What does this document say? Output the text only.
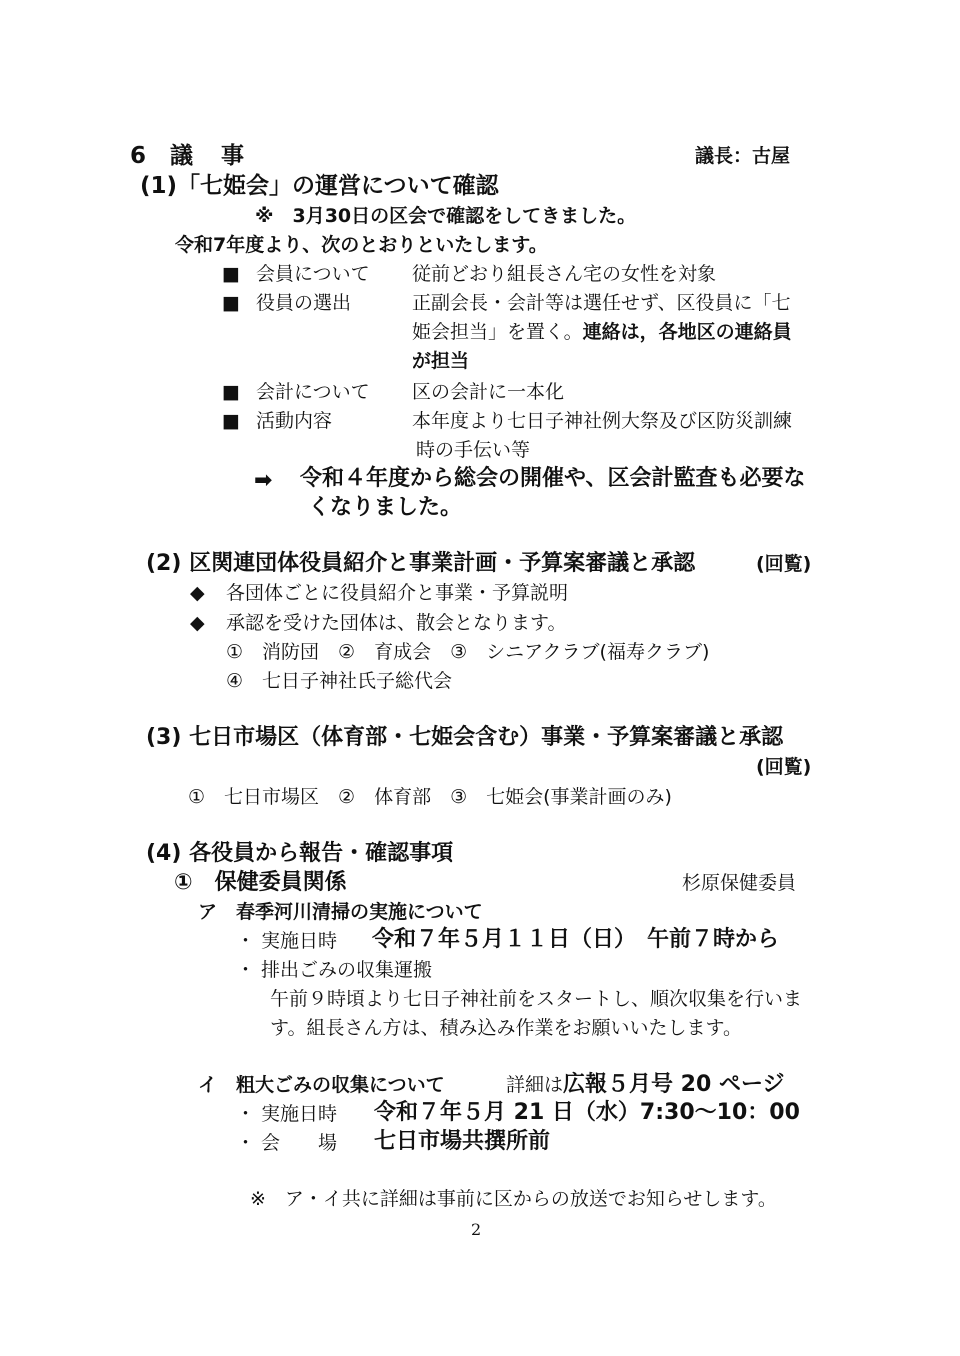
6 議 事	議長：古屋
(1)「七姫会」の運営について確認
※　3月30日の区会で確認をしてきました。
令和7年度より、次のとおりといたします。
■ 会員について 従前どおり組長さん宅の女性を対象
■ 役員の選出	正副会長・会計等は選任せず、区役員に「七
姫会担当」を置く。連絡は，各地区の連絡員
が担当
■ 会計について 区の会計に一本化
■ 活動内容	本年度より七日子神社例大祭及び区防災訓練
時の手伝い等
➡ 令和４年度から総会の開催や、区会計監査も必要な
くなりました。
(2) 区関連団体役員紹介と事業計画・予算案審議と承認	(回覧)
◆ 各団体ごとに役員紹介と事業・予算説明
◆ 承認を受けた団体は、散会となります。
①　消防団　②　育成会　③　シニアクラブ(福寿クラブ)
④　七日子神社氏子総代会
(3) 七日市場区（体育部・七姫会含む）事業・予算案審議と承認
(回覧)
①　七日市場区　②　体育部　③　七姫会(事業計画のみ)
(4) 各役員から報告・確認事項
①　保健委員関係	杉原保健委員
ア　春季河川清掃の実施について
・ 実施日時 令和７年５月１１日（日）　午前７時から
・ 排出ごみの収集運搬
午前９時頃より七日子神社前をスタートし、順次収集を行いま
す。組長さん方は、積み込み作業をお願いいたします。
イ　粗大ごみの収集について	詳細は広報５月号 20 ページ
・ 実施日時 令和７年５月 21 日（水）7:30〜10：00
・ 会　　場 七日市場共撰所前
※　ア・イ共に詳細は事前に区からの放送でお知らせします。
2
